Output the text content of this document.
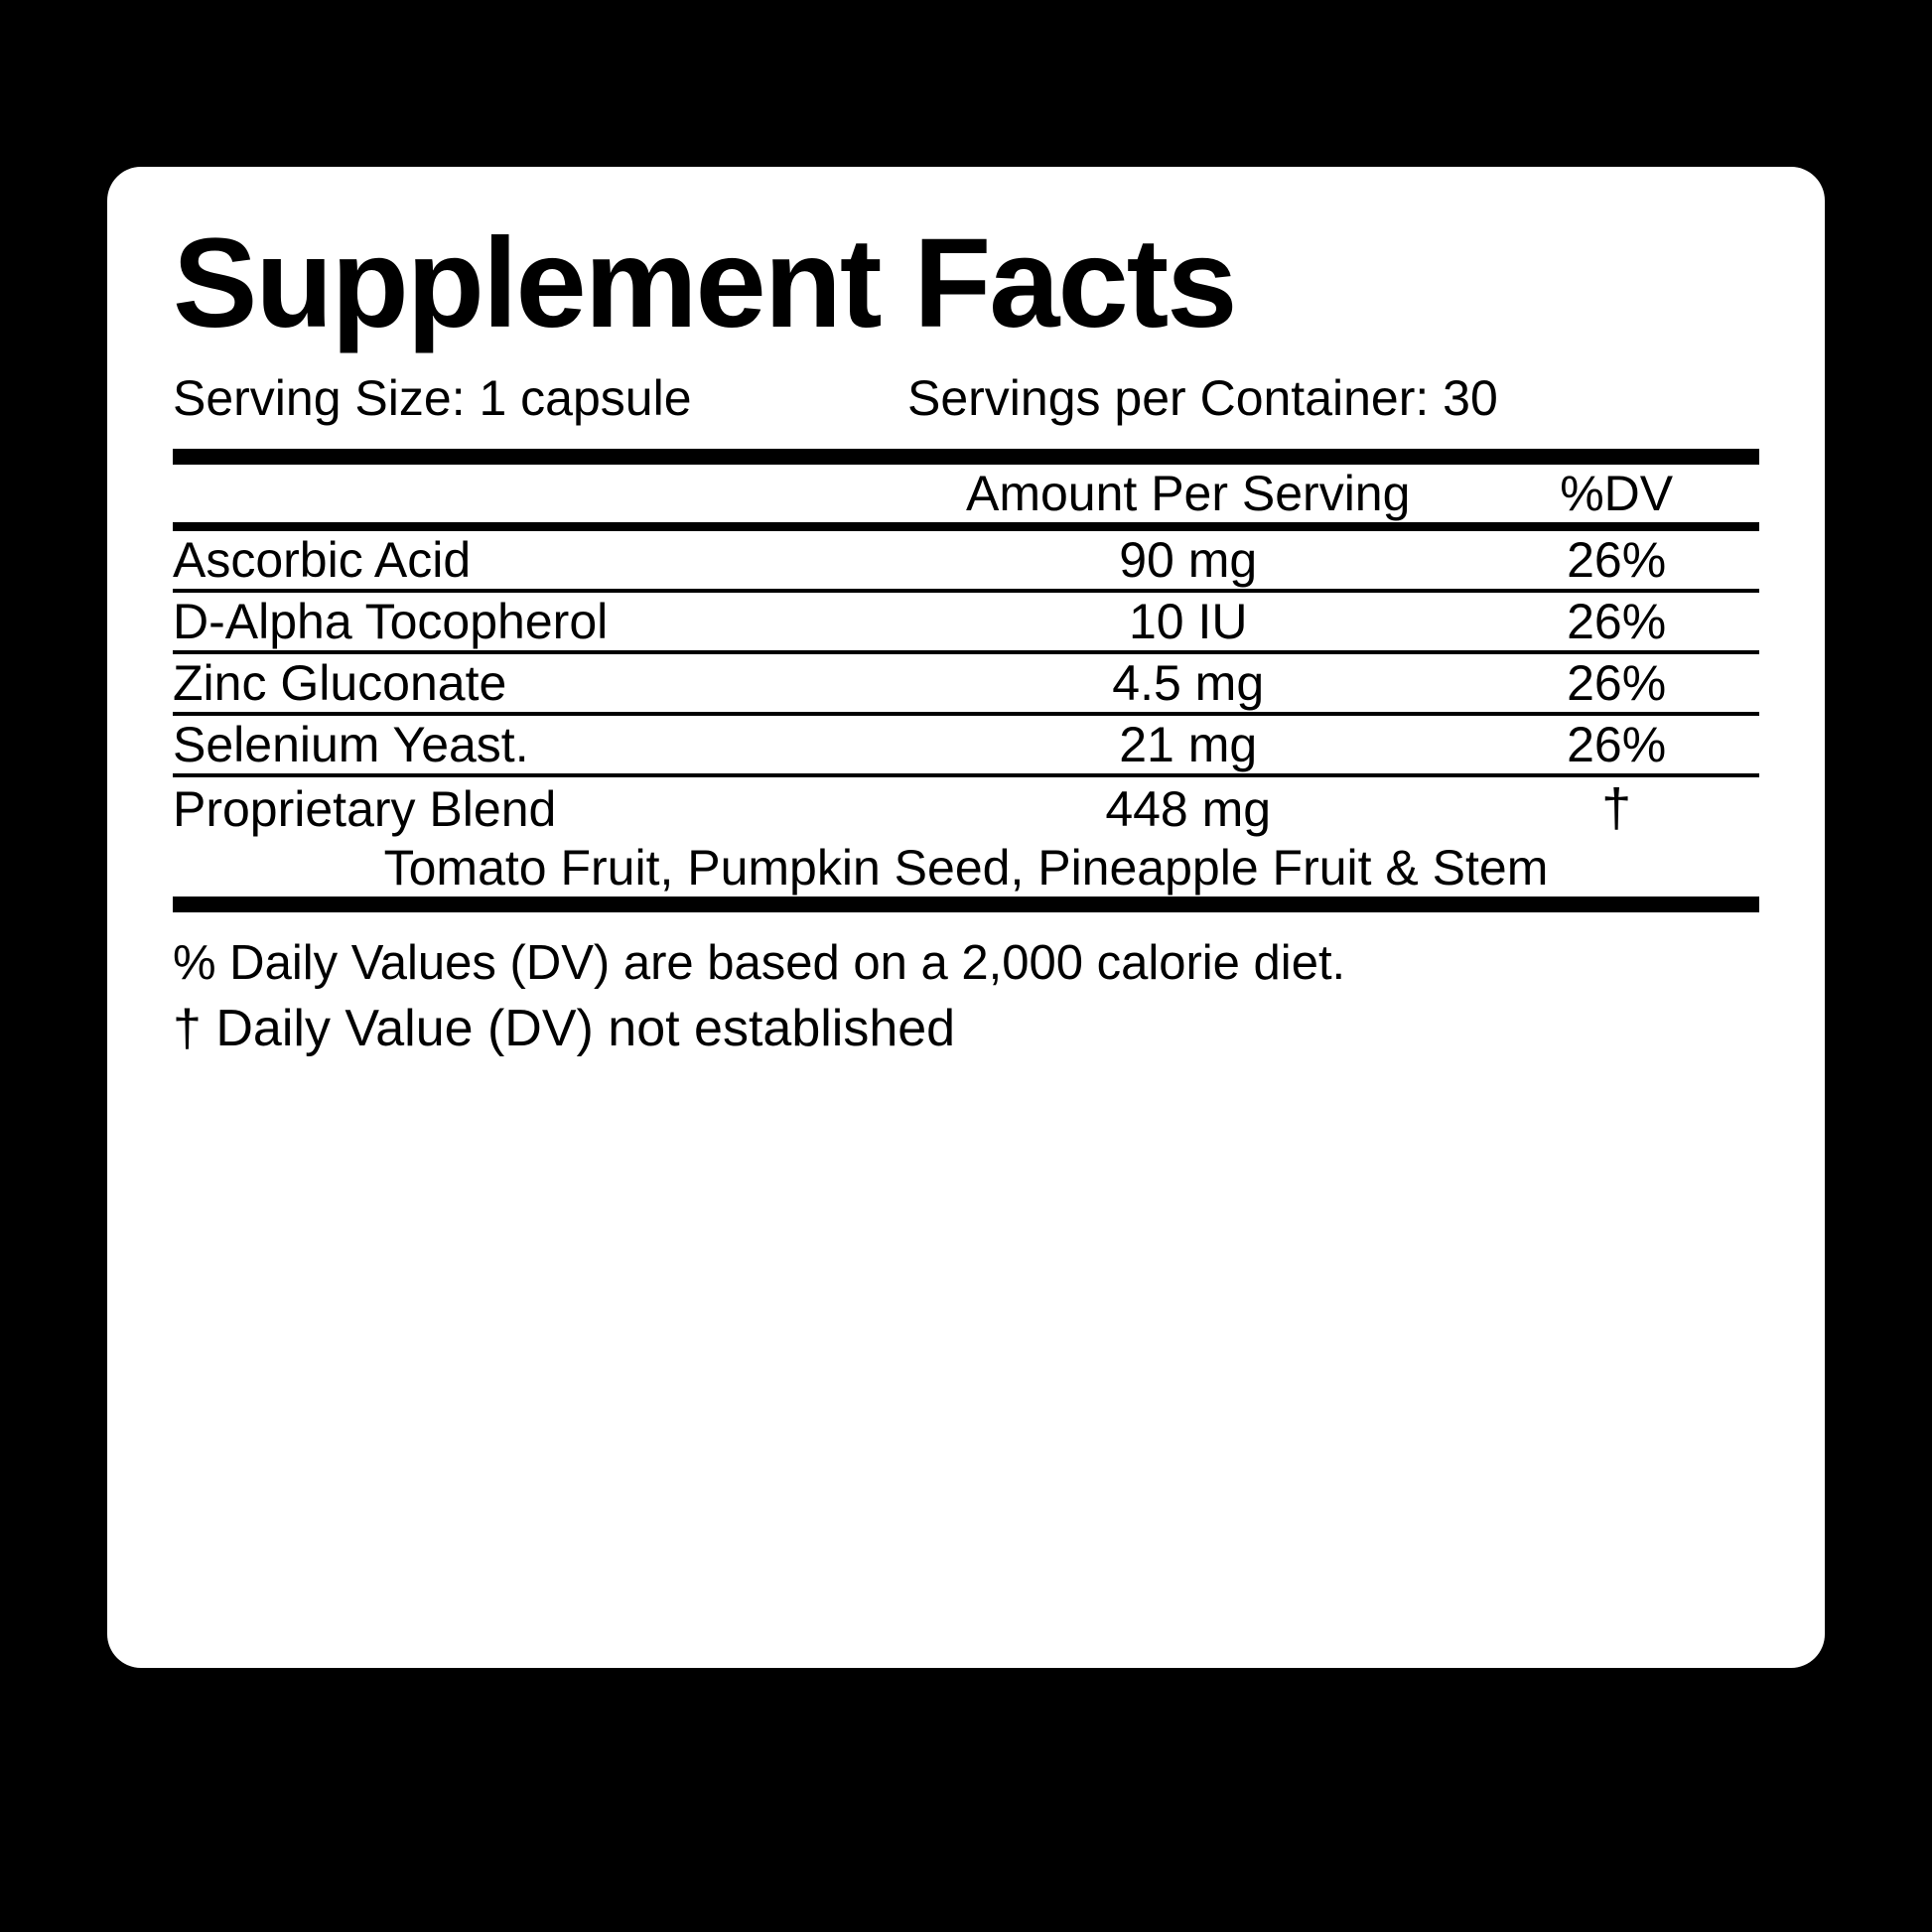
Supplement Facts
Serving Size: 1 capsule	Servings per Container: 30
	Amount Per Serving	%DV

Ascorbic Acid	90 mg	26%

D-Alpha Tocopherol	10 IU	26%

Zinc Gluconate	4.5 mg	26%

Selenium Yeast.	21 mg	26%

Proprietary Blend	448 mg	†
Tomato Fruit, Pumpkin Seed, Pineapple Fruit & Stem		
% Daily Values (DV) are based on a 2,000 calorie diet.
† Daily Value (DV) not established
